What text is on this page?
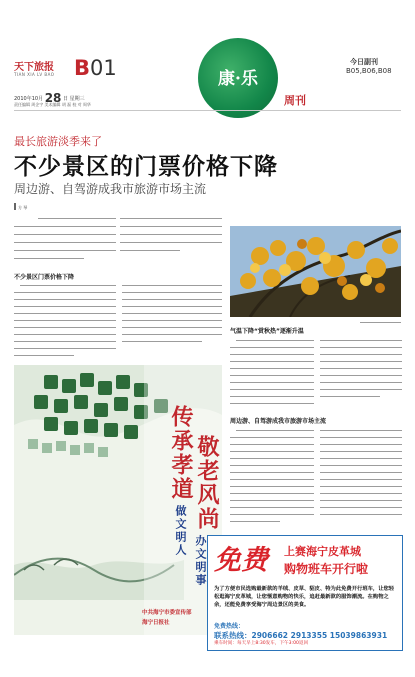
天下旅报
TIAN XIA LV BAO B01
2010年10月 28 日 星期三
责任编辑 周企宇 美术编辑 胡 磊 校 对 周华
康·乐
周刊
今日副刊
B05,B06,B08
最长旅游淡季来了
不少景区的门票价格下降
周边游、自驾游成我市旅游市场主流
方 琴
不少景区门票价格下降
气温下降“赏秋热”逐渐升温
周边游、自驾游成我市旅游市场主流
传承孝道 敬老风尚
做文明人
办文明事
中共海宁市委宣传部
海宁日报社
免费 上赛海宁皮革城
购物班车开行啦
为了方便市民选购最新款的羊绒、皮草、貂皮、特为此免费开行班车，让您轻松逛海宁皮革城，让您惬意购物的快乐，追赶最新款的服饰潮流。在购物之余，还能免费享受海宁周边景区的美食。
免费热线：
联系热线：2906662 2913355 15039863931
乘车时间：每天早上8:30发车，下午3:00返回
